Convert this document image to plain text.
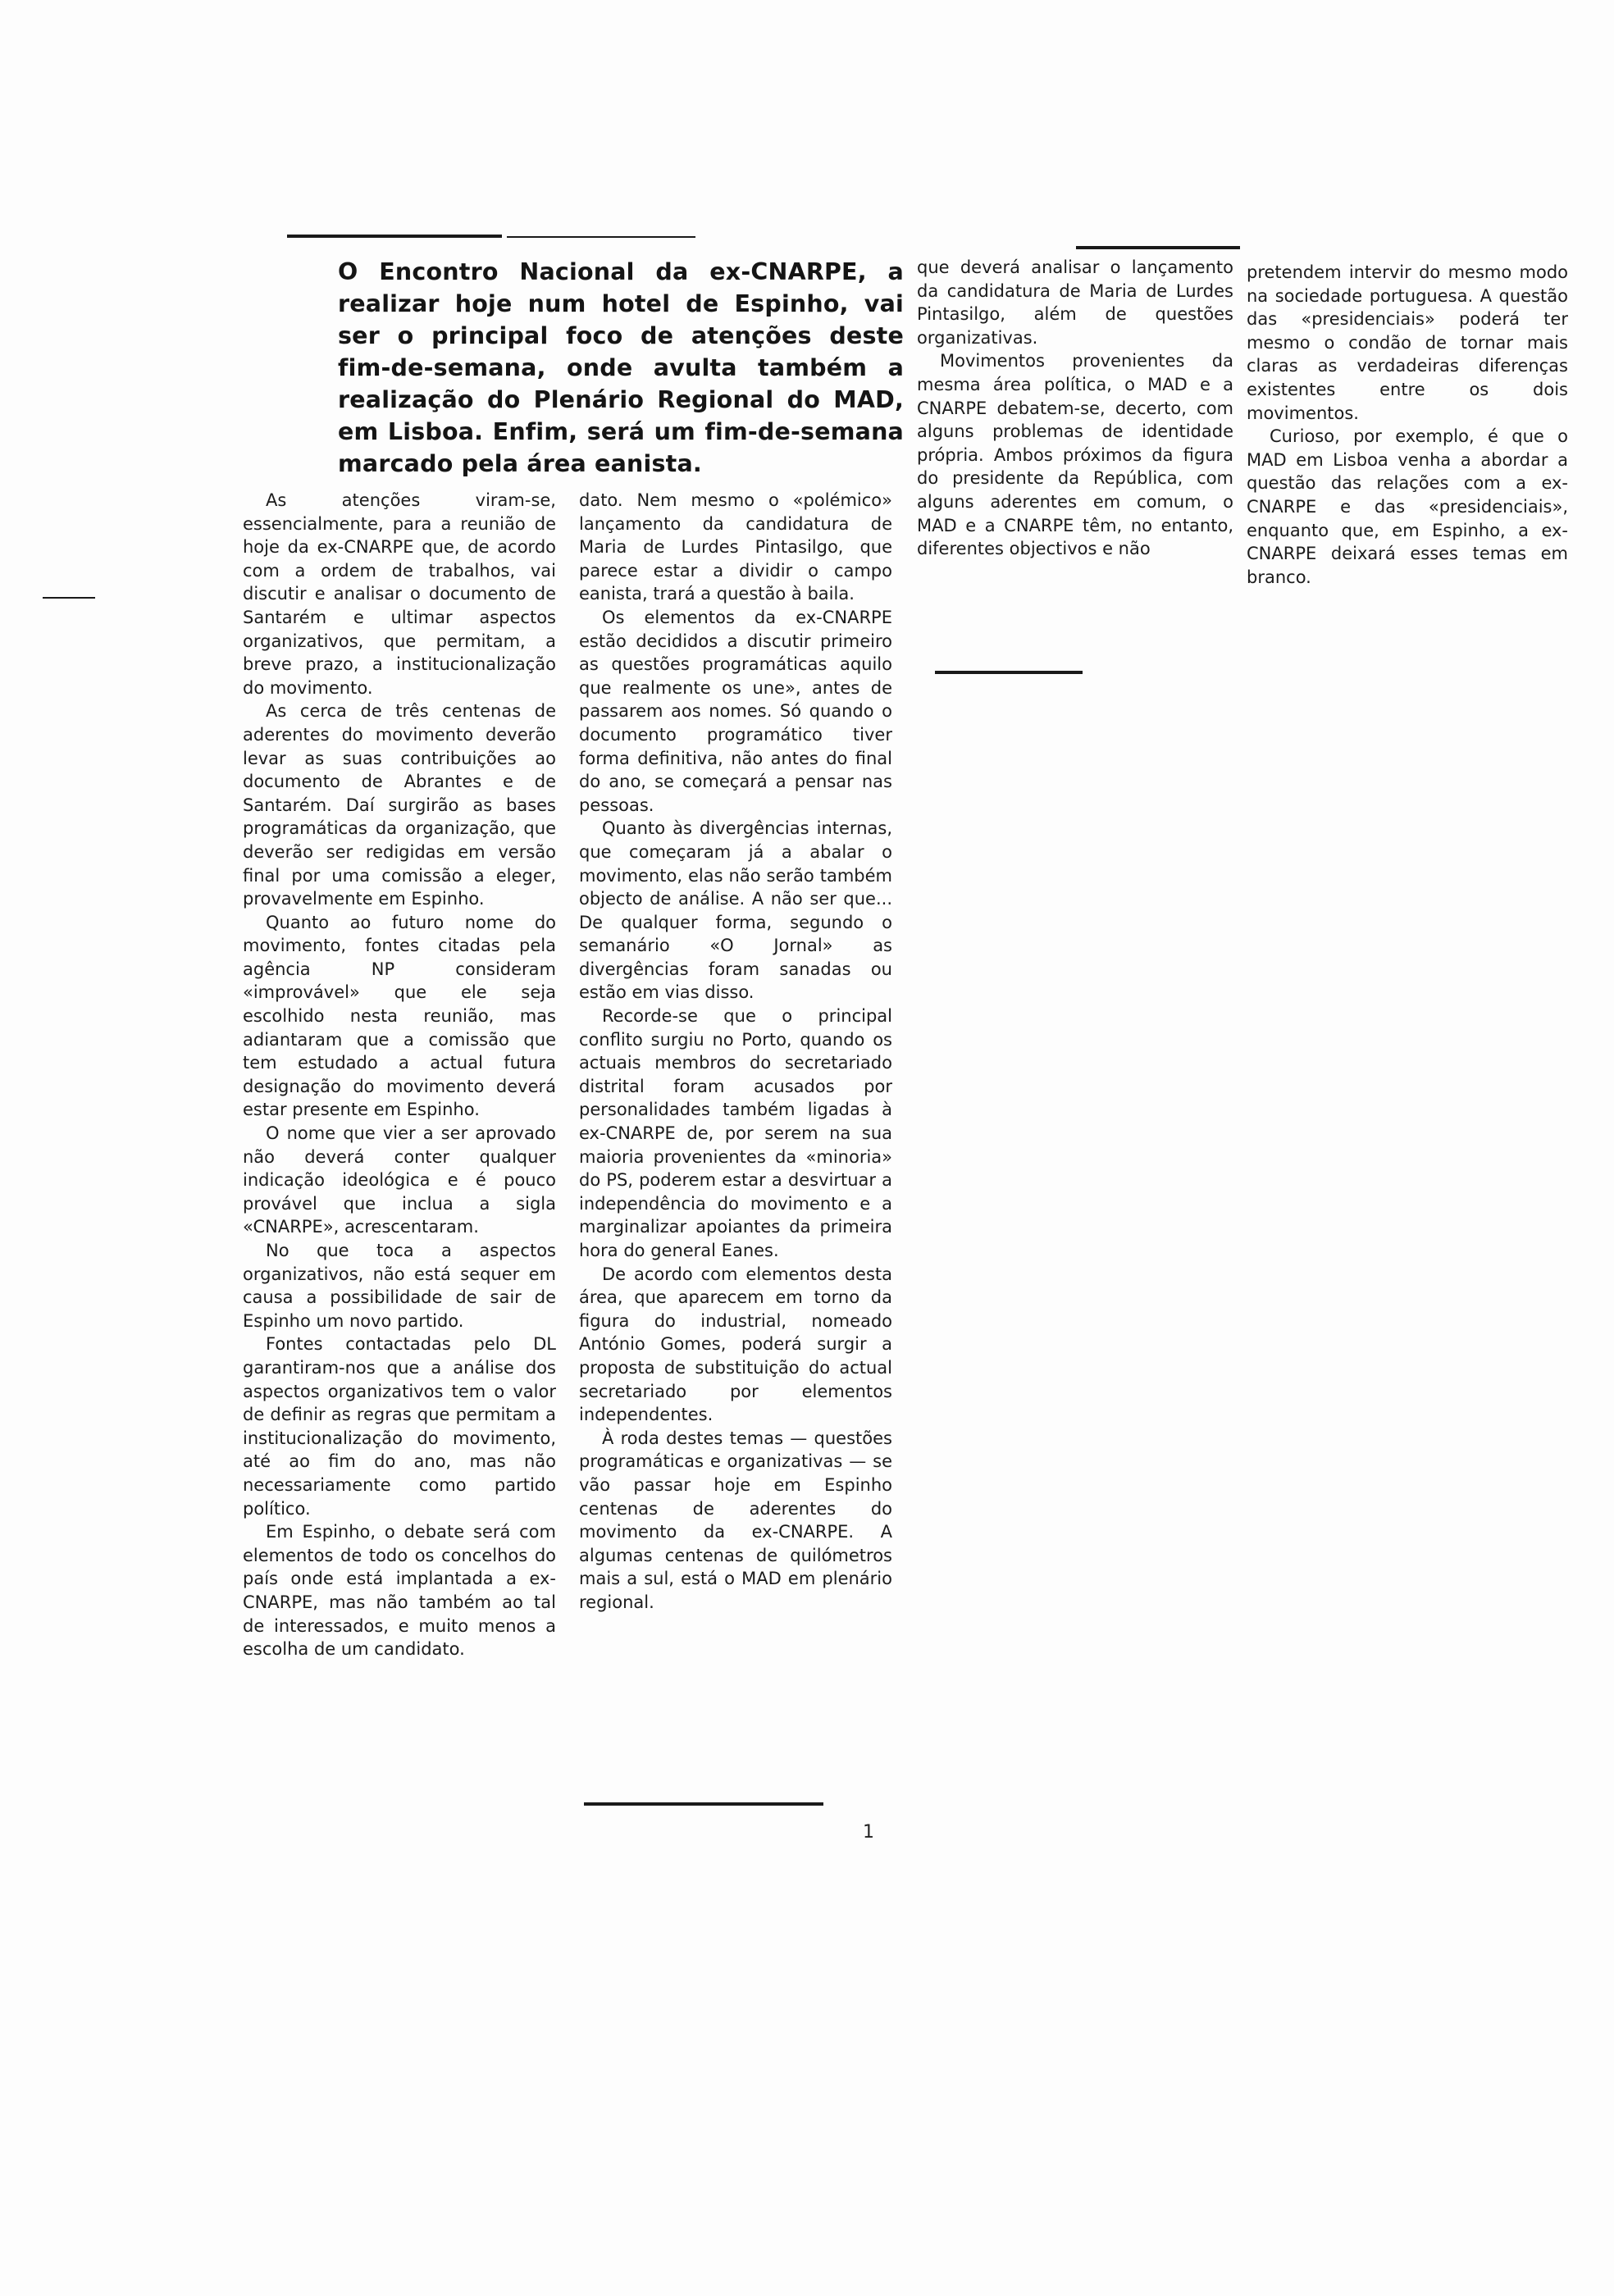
O Encontro Nacional da ex-CNARPE, a realizar hoje num hotel de Espinho, vai ser o principal foco de atenções deste fim-de-semana, onde avulta também a realização do Plenário Regional do MAD, em Lisboa. Enfim, será um fim-de-semana marcado pela área eanista.

As atenções viram-se, essencialmente, para a reunião de hoje da ex-CNARPE que, de acordo com a ordem de trabalhos, vai discutir e analisar o documento de Santarém e ultimar aspectos organizativos, que permitam, a breve prazo, a institucionalização do movimento.

As cerca de três centenas de aderentes do movimento deverão levar as suas contribuições ao documento de Abrantes e de Santarém. Daí surgirão as bases programáticas da organização, que deverão ser redigidas em versão final por uma comissão a eleger, provavelmente em Espinho.

Quanto ao futuro nome do movimento, fontes citadas pela agência NP consideram «improvável» que ele seja escolhido nesta reunião, mas adiantaram que a comissão que tem estudado a actual futura designação do movimento deverá estar presente em Espinho.

O nome que vier a ser aprovado não deverá conter qualquer indicação ideológica e é pouco provável que inclua a sigla «CNARPE», acrescentaram.

No que toca a aspectos organizativos, não está sequer em causa a possibilidade de sair de Espinho um novo partido.

Fontes contactadas pelo DL garantiram-nos que a análise dos aspectos organizativos tem o valor de definir as regras que permitam a institucionalização do movimento, até ao fim do ano, mas não necessariamente como partido político.

Em Espinho, o debate será com elementos de todo os concelhos do país onde está implantada a ex-CNARPE, mas não também ao tal de interessados, e muito menos a escolha de um candidato.

dato. Nem mesmo o «polémico» lançamento da candidatura de Maria de Lurdes Pintasilgo, que parece estar a dividir o campo eanista, trará a questão à baila.

Os elementos da ex-CNARPE estão decididos a discutir primeiro as questões programáticas aquilo que realmente os une», antes de passarem aos nomes. Só quando o documento programático tiver forma definitiva, não antes do final do ano, se começará a pensar nas pessoas.

Quanto às divergências internas, que começaram já a abalar o movimento, elas não serão também objecto de análise. A não ser que... De qualquer forma, segundo o semanário «O Jornal» as divergências foram sanadas ou estão em vias disso.

Recorde-se que o principal conflito surgiu no Porto, quando os actuais membros do secretariado distrital foram acusados por personalidades também ligadas à ex-CNARPE de, por serem na sua maioria provenientes da «minoria» do PS, poderem estar a desvirtuar a independência do movimento e a marginalizar apoiantes da primeira hora do general Eanes.

De acordo com elementos desta área, que aparecem em torno da figura do industrial, nomeado António Gomes, poderá surgir a proposta de substituição do actual secretariado por elementos independentes.

À roda destes temas — questões programáticas e organizativas — se vão passar hoje em Espinho centenas de aderentes do movimento da ex-CNARPE. A algumas centenas de quilómetros mais a sul, está o MAD em plenário regional.

que deverá analisar o lançamento da candidatura de Maria de Lurdes Pintasilgo, além de questões organizativas.

Movimentos provenientes da mesma área política, o MAD e a CNARPE debatem-se, decerto, com alguns problemas de identidade própria. Ambos próximos da figura do presidente da República, com alguns aderentes em comum, o MAD e a CNARPE têm, no entanto, diferentes objectivos e não

pretendem intervir do mesmo modo na sociedade portuguesa. A questão das «presidenciais» poderá ter mesmo o condão de tornar mais claras as verdadeiras diferenças existentes entre os dois movimentos.

Curioso, por exemplo, é que o MAD em Lisboa venha a abordar a questão das relações com a ex-CNARPE e das «presidenciais», enquanto que, em Espinho, a ex-CNARPE deixará esses temas em branco.

1
